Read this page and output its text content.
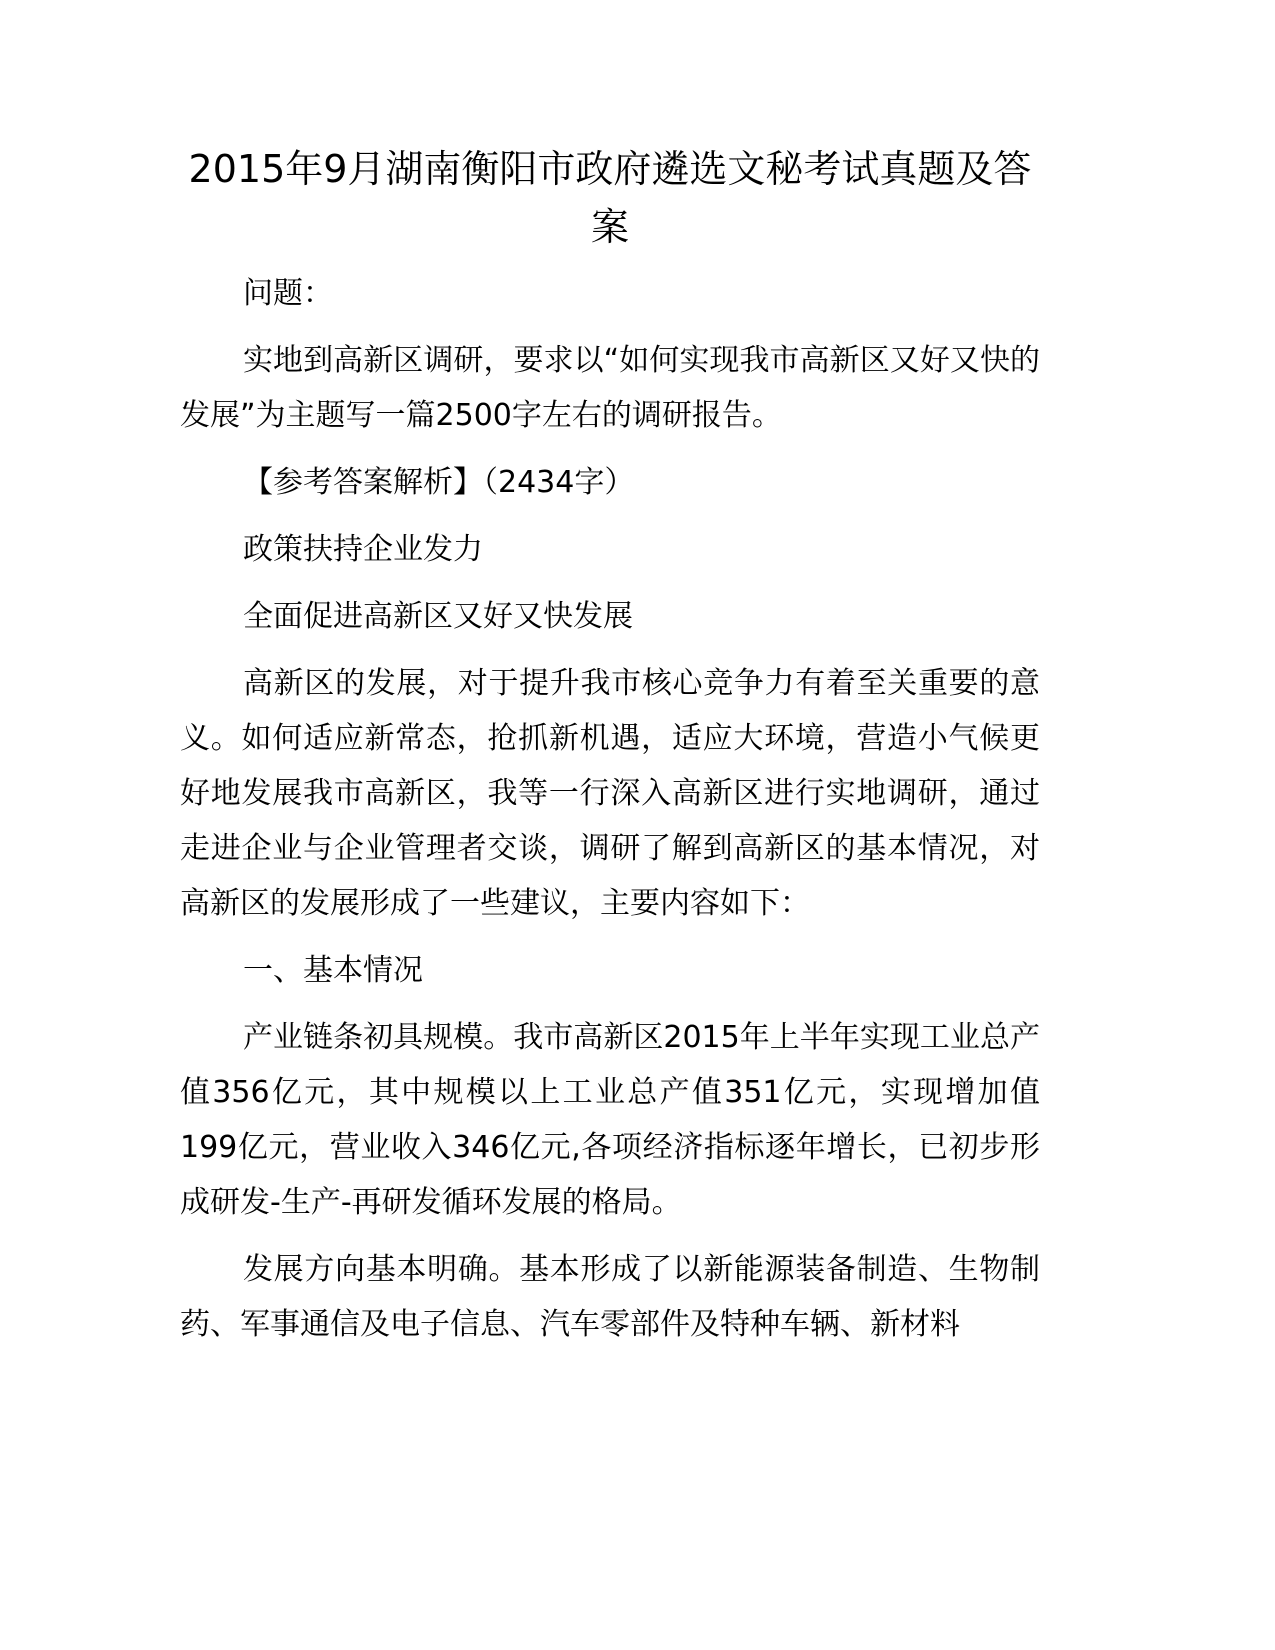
2015年9月湖南衡阳市政府遴选文秘考试真题及答案

问题：

实地到高新区调研，要求以“如何实现我市高新区又好又快的发展”为主题写一篇2500字左右的调研报告。

【参考答案解析】（2434字）

政策扶持企业发力

全面促进高新区又好又快发展

高新区的发展，对于提升我市核心竞争力有着至关重要的意义。如何适应新常态，抢抓新机遇，适应大环境，营造小气候更好地发展我市高新区，我等一行深入高新区进行实地调研，通过走进企业与企业管理者交谈，调研了解到高新区的基本情况，对高新区的发展形成了一些建议，主要内容如下：

一、基本情况

产业链条初具规模。我市高新区2015年上半年实现工业总产值356亿元，其中规模以上工业总产值351亿元，实现增加值199亿元，营业收入346亿元,各项经济指标逐年增长，已初步形成研发-生产-再研发循环发展的格局。

发展方向基本明确。基本形成了以新能源装备制造、生物制药、军事通信及电子信息、汽车零部件及特种车辆、新材料
